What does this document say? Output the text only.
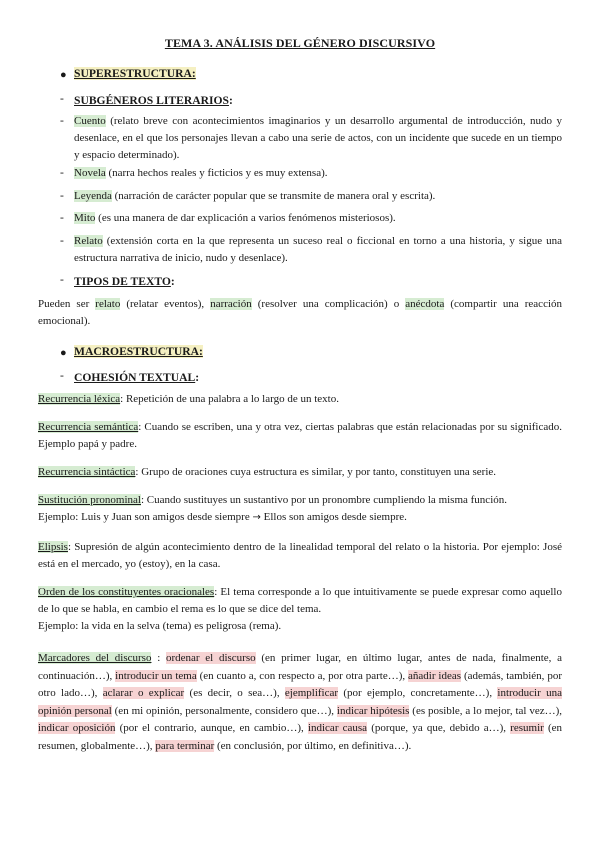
TEMA 3. ANÁLISIS DEL GÉNERO DISCURSIVO
● SUPERESTRUCTURA:
- SUBGÉNEROS LITERARIOS:
- Cuento (relato breve con acontecimientos imaginarios y un desarrollo argumental de introducción, nudo y desenlace, en el que los personajes llevan a cabo una serie de actos, con un incidente que sucede en un tiempo y espacio determinado).
- Novela (narra hechos reales y ficticios y es muy extensa).
- Leyenda (narración de carácter popular que se transmite de manera oral y escrita).
- Mito (es una manera de dar explicación a varios fenómenos misteriosos).
- Relato (extensión corta en la que representa un suceso real o ficcional en torno a una historia, y sigue una estructura narrativa de inicio, nudo y desenlace).
- TIPOS DE TEXTO:
Pueden ser relato (relatar eventos), narración (resolver una complicación) o anécdota (compartir una reacción emocional).
● MACROESTRUCTURA:
- COHESIÓN TEXTUAL:
Recurrencia léxica: Repetición de una palabra a lo largo de un texto.
Recurrencia semántica: Cuando se escriben, una y otra vez, ciertas palabras que están relacionadas por su significado. Ejemplo papá y padre.
Recurrencia sintáctica: Grupo de oraciones cuya estructura es similar, y por tanto, constituyen una serie.
Sustitución pronominal: Cuando sustituyes un sustantivo por un pronombre cumpliendo la misma función.
Ejemplo: Luis y Juan son amigos desde siempre → Ellos son amigos desde siempre.
Elipsis: Supresión de algún acontecimiento dentro de la linealidad temporal del relato o la historia. Por ejemplo: José está en el mercado, yo (estoy), en la casa.
Orden de los constituyentes oracionales: El tema corresponde a lo que intuitivamente se puede expresar como aquello de lo que se habla, en cambio el rema es lo que se dice del tema.
Ejemplo: la vida en la selva (tema) es peligrosa (rema).
Marcadores del discurso : ordenar el discurso (en primer lugar, en último lugar, antes de nada, finalmente, a continuación…), introducir un tema (en cuanto a, con respecto a, por otra parte…), añadir ideas (además, también, por otro lado…), aclarar o explicar (es decir, o sea…), ejemplificar (por ejemplo, concretamente…), introducir una opinión personal (en mi opinión, personalmente, considero que…), indicar hipótesis (es posible, a lo mejor, tal vez…), indicar oposición (por el contrario, aunque, en cambio…), indicar causa (porque, ya que, debido a…), resumir (en resumen, globalmente…), para terminar (en conclusión, por último, en definitiva…).
